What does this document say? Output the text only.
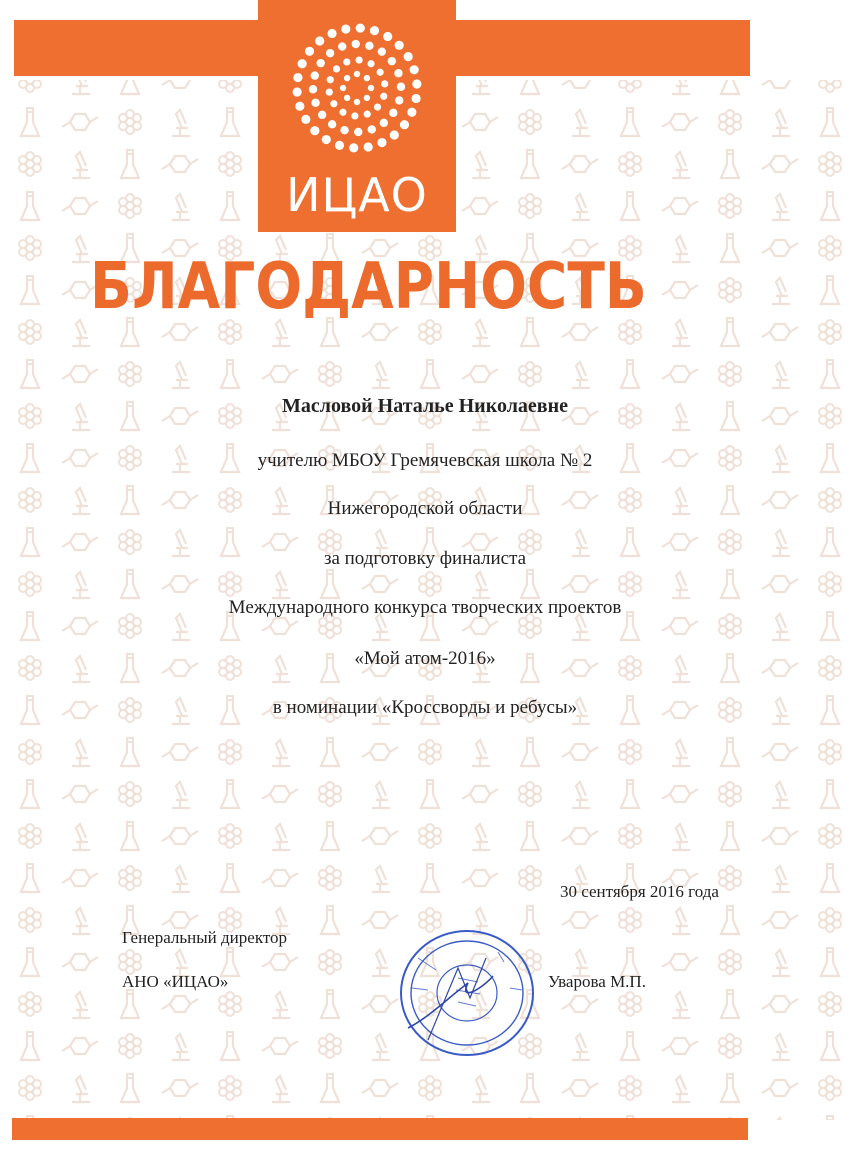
ИЦАО
БЛАГОДАРНОСТЬ
Масловой Наталье Николаевне
учителю МБОУ Гремячевская школа № 2
Нижегородской области
за подготовку финалиста
Международного конкурса творческих проектов
«Мой атом-2016»
в номинации «Кроссворды и ребусы»
30 сентября 2016 года
Генеральный директор
АНО «ИЦАО»	Уварова М.П.
